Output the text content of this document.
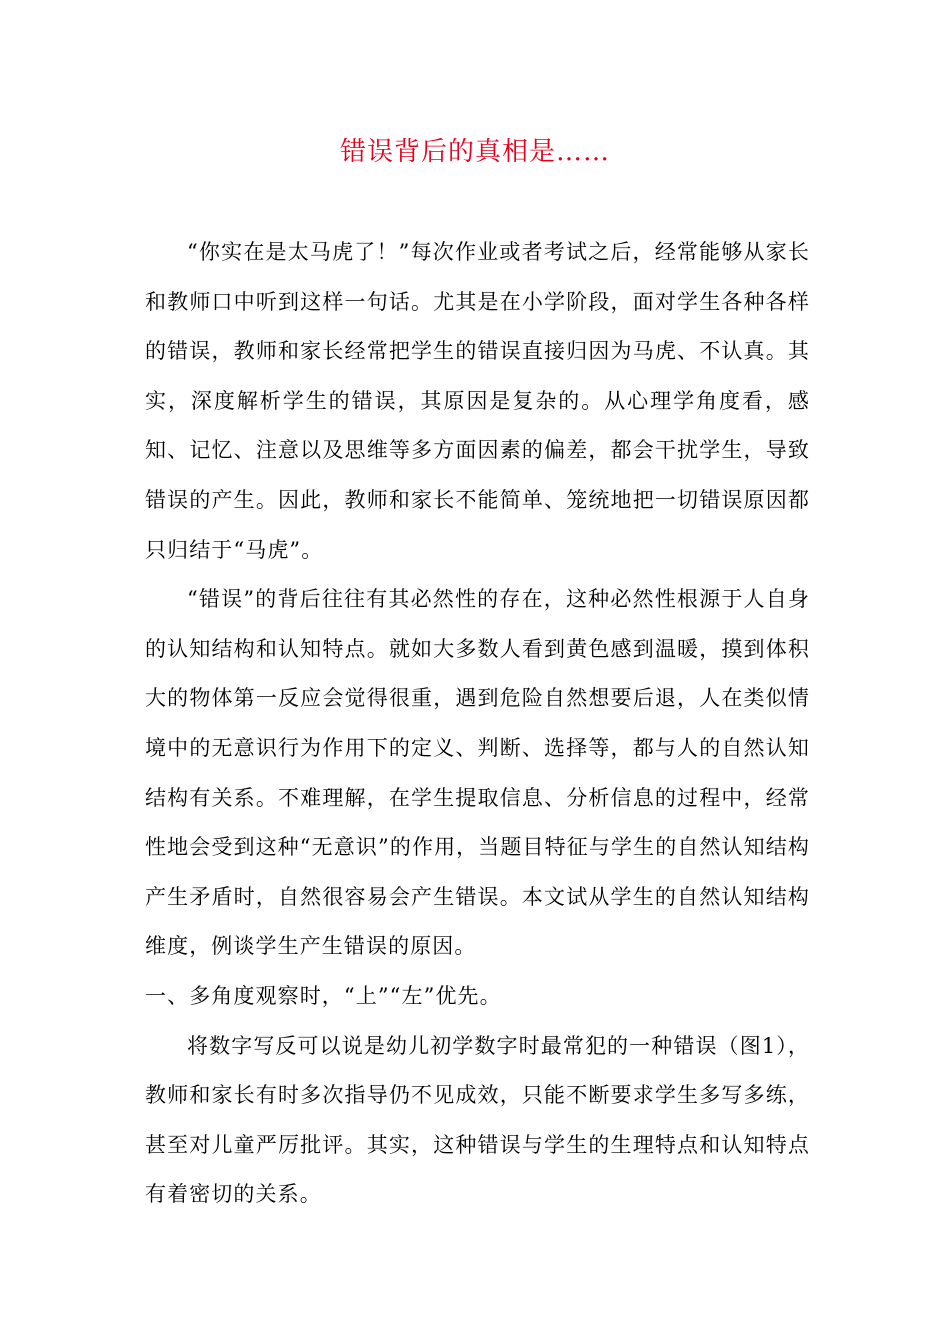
错误背后的真相是……

“你实在是太马虎了！”每次作业或者考试之后，经常能够从家长和教师口中听到这样一句话。尤其是在小学阶段，面对学生各种各样的错误，教师和家长经常把学生的错误直接归因为马虎、不认真。其实，深度解析学生的错误，其原因是复杂的。从心理学角度看，感知、记忆、注意以及思维等多方面因素的偏差，都会干扰学生，导致错误的产生。因此，教师和家长不能简单、笼统地把一切错误原因都只归结于“马虎”。

“错误”的背后往往有其必然性的存在，这种必然性根源于人自身的认知结构和认知特点。就如大多数人看到黄色感到温暖，摸到体积大的物体第一反应会觉得很重，遇到危险自然想要后退，人在类似情境中的无意识行为作用下的定义、判断、选择等，都与人的自然认知结构有关系。不难理解，在学生提取信息、分析信息的过程中，经常性地会受到这种“无意识”的作用，当题目特征与学生的自然认知结构产生矛盾时，自然很容易会产生错误。本文试从学生的自然认知结构维度，例谈学生产生错误的原因。

一、多角度观察时，“上”“左”优先。

将数字写反可以说是幼儿初学数字时最常犯的一种错误（图1），教师和家长有时多次指导仍不见成效，只能不断要求学生多写多练，甚至对儿童严厉批评。其实，这种错误与学生的生理特点和认知特点有着密切的关系。
